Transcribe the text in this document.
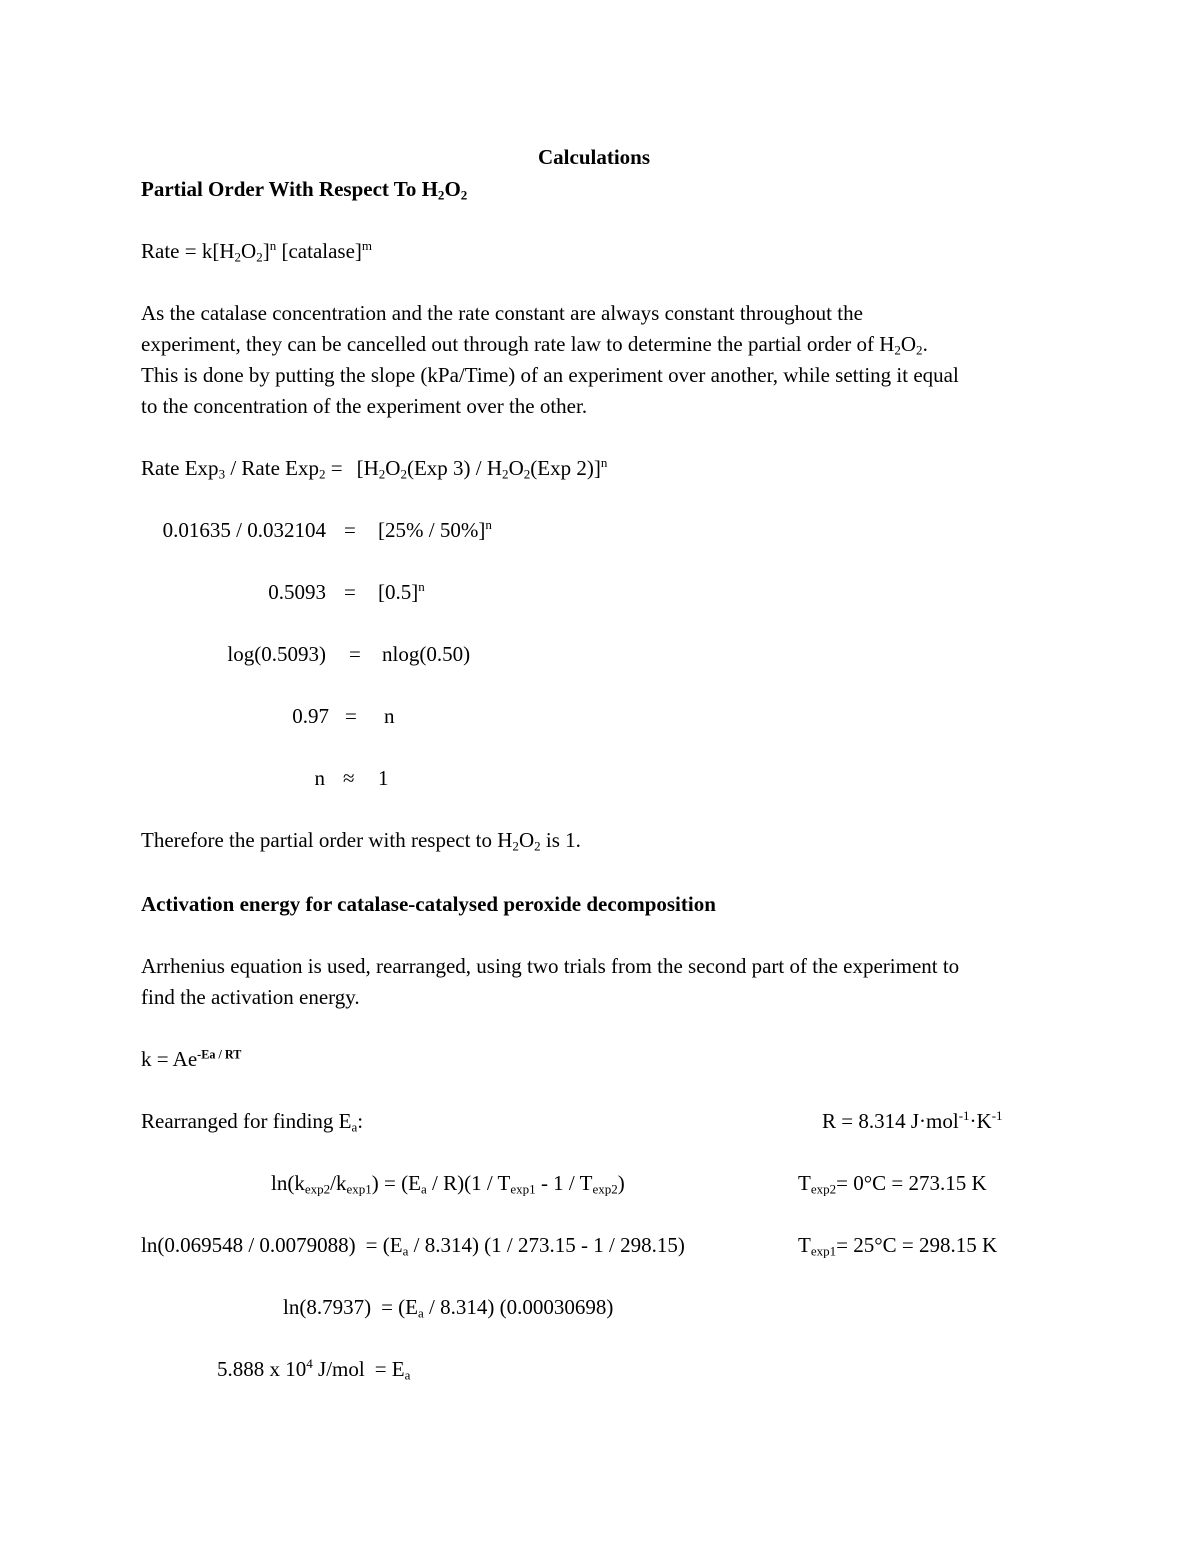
Calculations
Partial Order With Respect To $H_2O_2$
Rate = $k[H_2O_2]^n$ [catalase]$^m$
As the catalase concentration and the rate constant are always constant throughout the
experiment, they can be cancelled out through rate law to determine the partial order of $H_2O_2$.
This is done by putting the slope (kPa/Time) of an experiment over another, while setting it equal
to the concentration of the experiment over the other.
Rate Exp$_3$ / Rate $Exp_2 = [H_2O_2(Exp$ $3) / H_2O_2(Exp$ 2)]$^n$
0.01635 / 0.032104 = [25% / 50%]$^n$
$0.5093 = [0.5]^n$
log(0.5093) = nlog(0.50)
0.97 = n
n ≈ 1
Therefore the partial order with respect to $H_2O_2$ is 1.
Activation energy for catalase-catalysed peroxide decomposition
Arrhenius equation is used, rearranged, using two trials from the second part of the experiment to
find the activation energy.
$k = Ae^{-Ea / RT}$
Rearranged for finding $E_a$:	R = 8.314 $J\cdot mol^{-1}\cdot K^{-1}$
$\ln(k_{exp2}/k_{exp1}) = (E_a / R)(1 / T_{exp1} - 1 / T_{exp2})$	$T_{exp2}= 0^\circ C = 273.15$ K
$\ln(0.069548 / 0.0079088) = (E_a / 8.314)$ (1 / 273.15 - 1 / 298.15)	$T_{exp1}= 25^\circ C = 298.15$ K
$\ln(8.7937) = (E_a / 8.314)$ (0.00030698)
5.888 x $10^4$ $J/mol = E_a$
